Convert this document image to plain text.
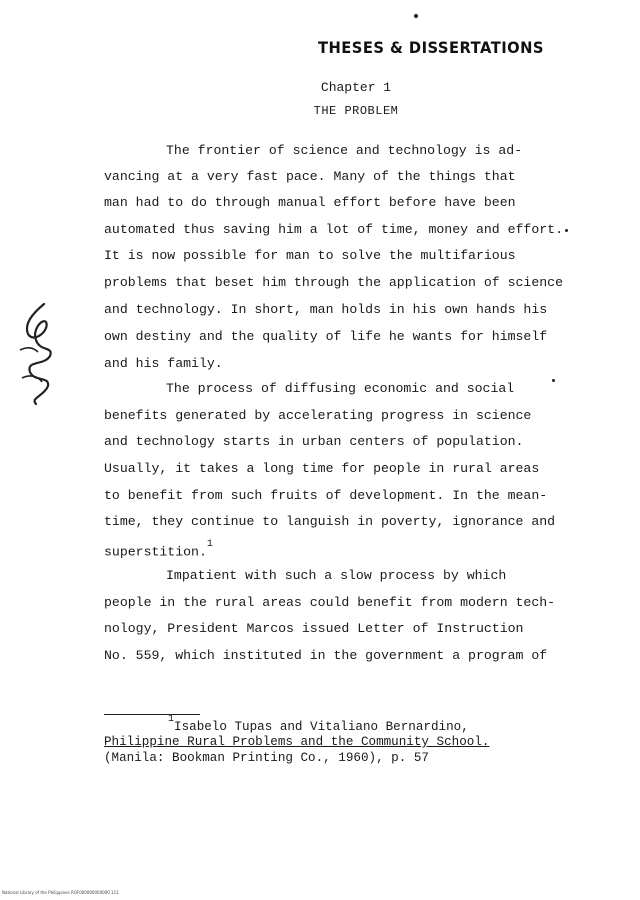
THESES & DISSERTATIONS
Chapter 1
THE PROBLEM
The frontier of science and technology is ad-
vancing at a very fast pace. Many of the things that
man had to do through manual effort before have been
automated thus saving him a lot of time, money and effort.
It is now possible for man to solve the multifarious
problems that beset him through the application of science
and technology. In short, man holds in his own hands his
own destiny and the quality of life he wants for himself
and his family.
The process of diffusing economic and social
benefits generated by accelerating progress in science
and technology starts in urban centers of population.
Usually, it takes a long time for people in rural areas
to benefit from such fruits of development. In the mean-
time, they continue to languish in poverty, ignorance and
superstition.$^1$
Impatient with such a slow process by which
people in the rural areas could benefit from modern tech-
nology, President Marcos issued Letter of Instruction
No. 559, which instituted in the government a program of
$^1$Isabelo Tupas and Vitaliano Bernardino,
Philippine Rural Problems and the Community School.
(Manila: Bookman Printing Co., 1960), p. 57
National Library of the Philippines ROF000000000000 111
